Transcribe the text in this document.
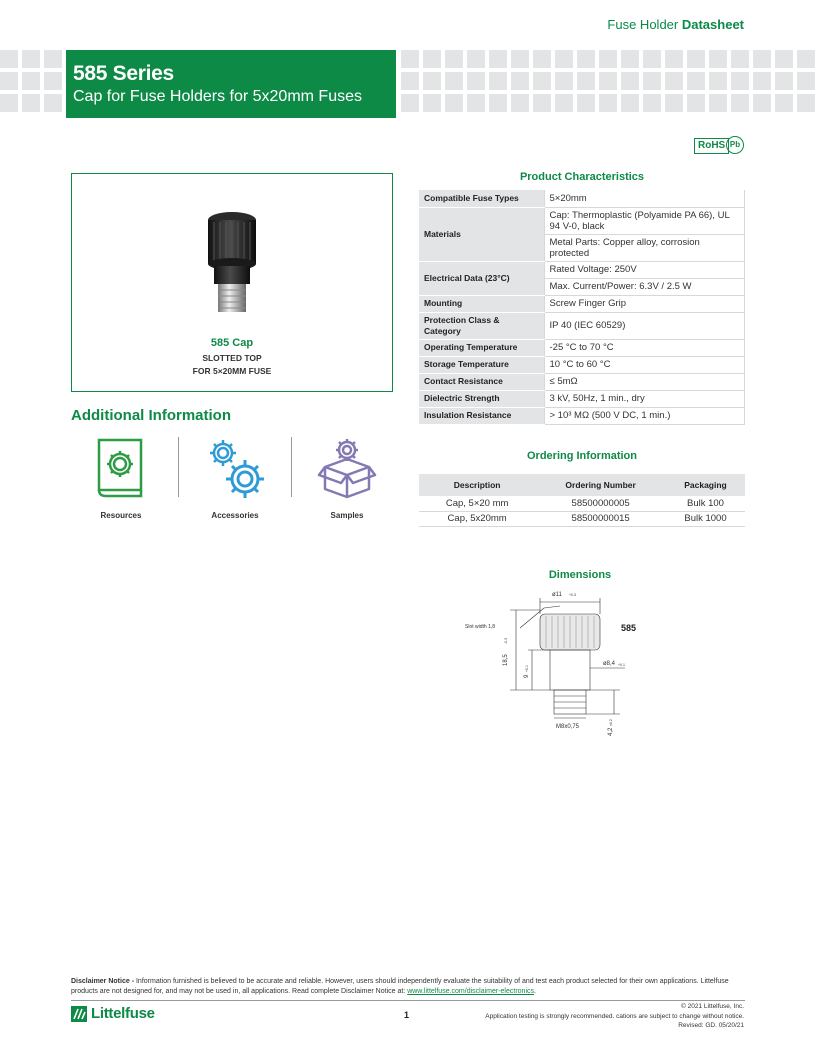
Fuse Holder Datasheet
585 Series
Cap for Fuse Holders for 5x20mm Fuses
RoHS Pb
585 Cap
SLOTTED TOP
FOR 5×20MM FUSE
Additional Information
Resources	Accessories	Samples
Product Characteristics
Compatible Fuse Types	5×20mm
Materials	Cap: Thermoplastic (Polyamide PA 66), UL 94 V-0, black
	Metal Parts: Copper alloy, corrosion protected
Electrical Data (23°C)	Rated Voltage: 250V
	Max. Current/Power: 6.3V / 2.5 W
Mounting	Screw Finger Grip
Protection Class & Category	IP 40 (IEC 60529)
Operating Temperature	-25 °C to 70 °C
Storage Temperature	10 °C to 60 °C
Contact Resistance	≤ 5mΩ
Dielectric Strength	3 kV, 50Hz, 1 min., dry
Insulation Resistance	> 10³ MΩ (500 V DC, 1 min.)
Ordering Information
Description	Ordering Number	Packaging
Cap, 5×20 mm	58500000005	Bulk 100
Cap, 5x20mm	58500000015	Bulk 1000
Dimensions
ø11 +0.3
Slot width 1,8
18,5
-0.3
9
+0.1
ø8,4 +0.1
M8x0,75
4,2
±0.2
585
Disclaimer Notice - Information furnished is believed to be accurate and reliable. However, users should independently evaluate the suitability of and test each product selected for their own applications. Littelfuse products are not designed for, and may not be used in, all applications. Read complete Disclaimer Notice at: www.littelfuse.com/disclaimer-electronics.
Littelfuse	1
© 2021 Littelfuse, Inc.
Application testing is strongly recommended. cations are subject to change without notice.
Revised: GD. 05/20/21
